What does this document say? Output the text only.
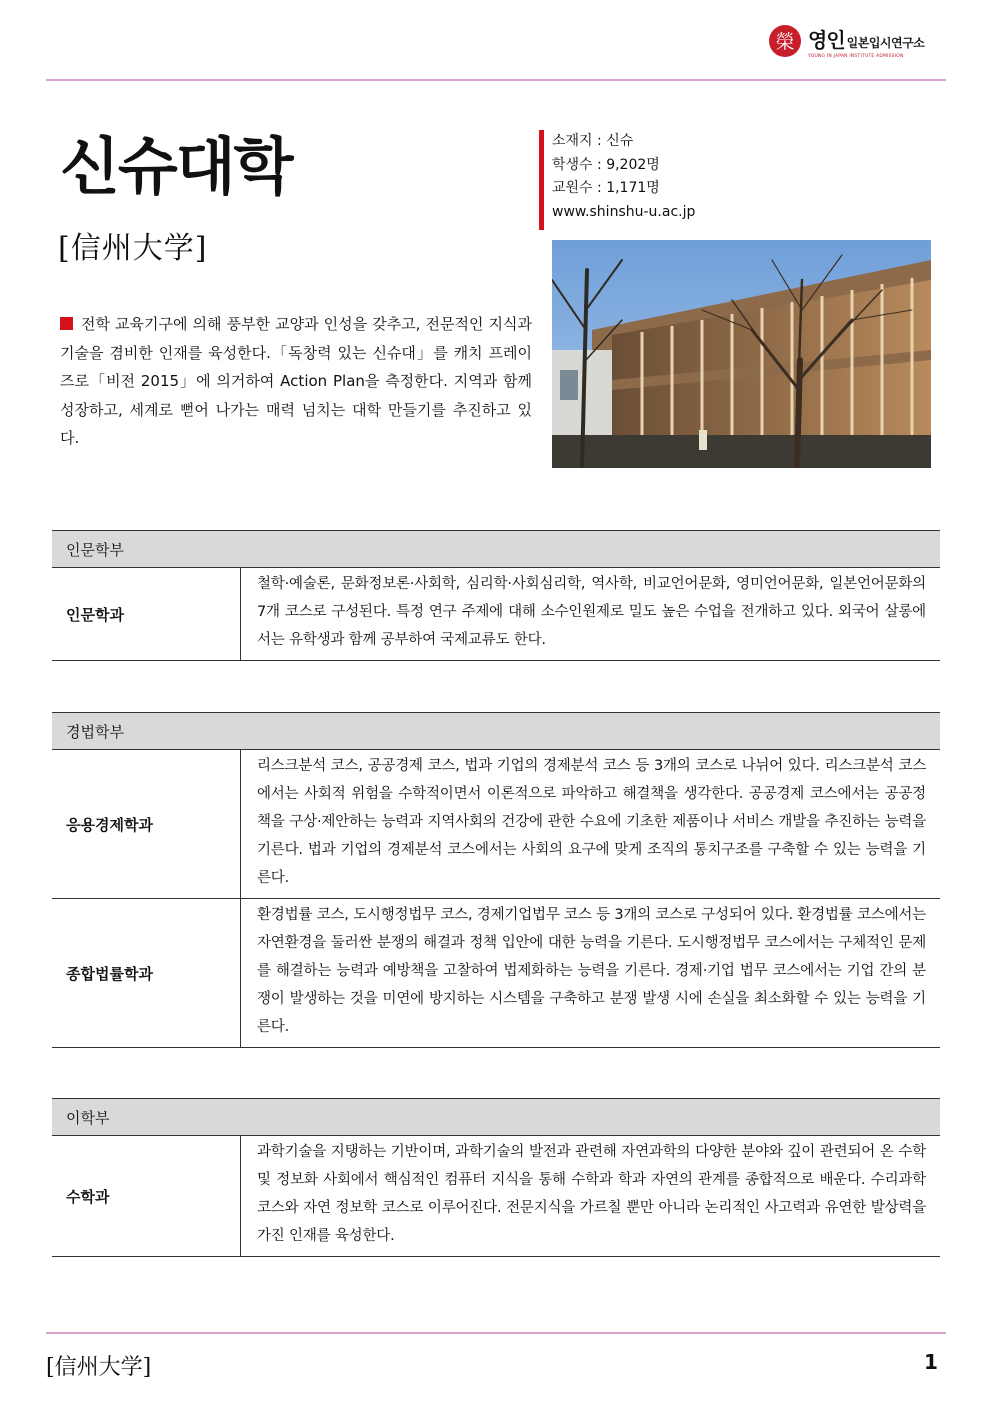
榮 영인 일본입시연구소
YOUNG IN JAPAN INSTITUTE ADMISSION
신슈대학
[信州大学]
소재지 : 신슈
학생수 : 9,202명
교원수 : 1,171명
www.shinshu-u.ac.jp
전학 교육기구에 의해 풍부한 교양과 인성을 갖추고, 전문적인 지식과 기술을 겸비한 인재를 육성한다.「독창력 있는 신슈대」를 캐치 프레이즈로「비전 2015」에 의거하여 Action Plan을 측정한다. 지역과 함께 성장하고, 세계로 뻗어 나가는 매력 넘치는 대학 만들기를 추진하고 있다.
인문학부
인문학과
철학·예술론, 문화정보론·사회학, 심리학·사회심리학, 역사학, 비교언어문화, 영미언어문화, 일본언어문화의 7개 코스로 구성된다. 특정 연구 주제에 대해 소수인원제로 밀도 높은 수업을 전개하고 있다. 외국어 살롱에서는 유학생과 함께 공부하여 국제교류도 한다.
경법학부
응용경제학과
리스크분석 코스, 공공경제 코스, 법과 기업의 경제분석 코스 등 3개의 코스로 나뉘어 있다. 리스크분석 코스에서는 사회적 위험을 수학적이면서 이론적으로 파악하고 해결책을 생각한다. 공공경제 코스에서는 공공정책을 구상·제안하는 능력과 지역사회의 건강에 관한 수요에 기초한 제품이나 서비스 개발을 추진하는 능력을 기른다. 법과 기업의 경제분석 코스에서는 사회의 요구에 맞게 조직의 통치구조를 구축할 수 있는 능력을 기른다.
종합법률학과
환경법률 코스, 도시행정법무 코스, 경제기업법무 코스 등 3개의 코스로 구성되어 있다. 환경법률 코스에서는 자연환경을 둘러싼 분쟁의 해결과 정책 입안에 대한 능력을 기른다. 도시행정법무 코스에서는 구체적인 문제를 해결하는 능력과 예방책을 고찰하여 법제화하는 능력을 기른다. 경제·기업 법무 코스에서는 기업 간의 분쟁이 발생하는 것을 미연에 방지하는 시스템을 구축하고 분쟁 발생 시에 손실을 최소화할 수 있는 능력을 기른다.
이학부
수학과
과학기술을 지탱하는 기반이며, 과학기술의 발전과 관련해 자연과학의 다양한 분야와 깊이 관련되어 온 수학 및 정보화 사회에서 핵심적인 컴퓨터 지식을 통해 수학과 학과 자연의 관계를 종합적으로 배운다. 수리과학 코스와 자연 정보학 코스로 이루어진다. 전문지식을 가르칠 뿐만 아니라 논리적인 사고력과 유연한 발상력을 가진 인재를 육성한다.
[信州大学]	1
